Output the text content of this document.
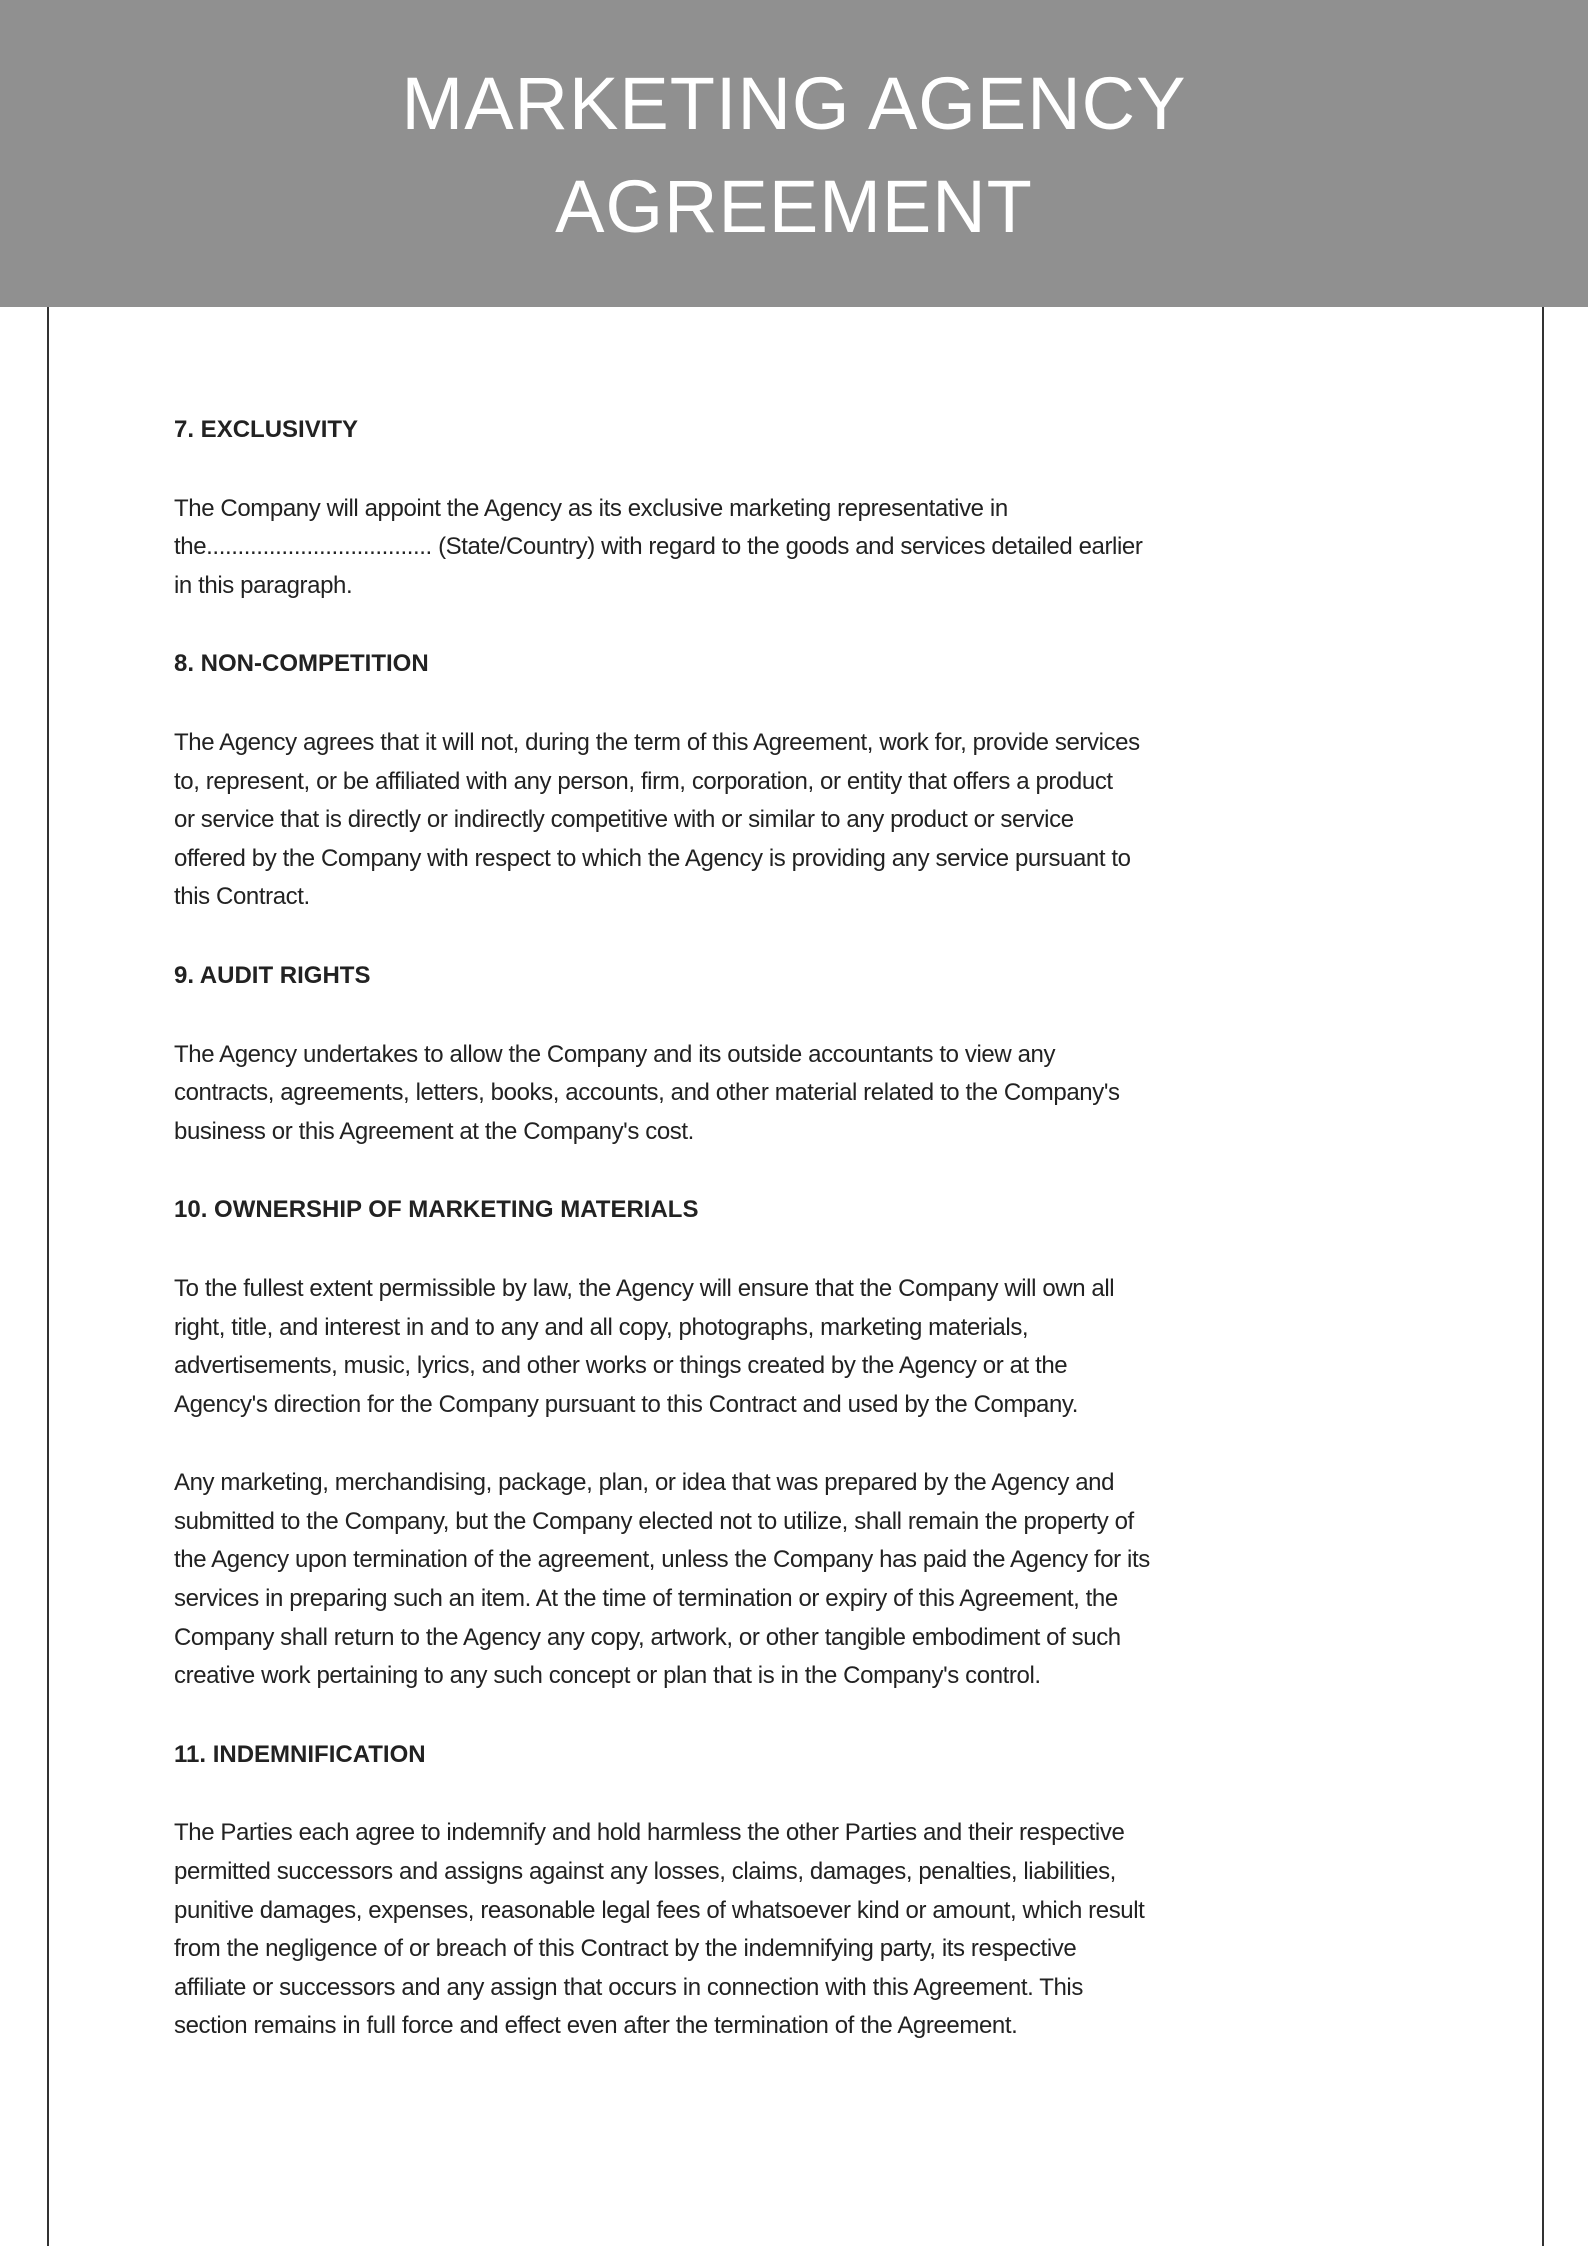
MARKETING AGENCY
AGREEMENT
7. EXCLUSIVITY
The Company will appoint the Agency as its exclusive marketing representative in
the.................................... (State/Country) with regard to the goods and services detailed earlier
in this paragraph.
8. NON-COMPETITION
The Agency agrees that it will not, during the term of this Agreement, work for, provide services
to, represent, or be affiliated with any person, firm, corporation, or entity that offers a product
or service that is directly or indirectly competitive with or similar to any product or service
offered by the Company with respect to which the Agency is providing any service pursuant to
this Contract.
9. AUDIT RIGHTS
The Agency undertakes to allow the Company and its outside accountants to view any
contracts, agreements, letters, books, accounts, and other material related to the Company's
business or this Agreement at the Company's cost.
10. OWNERSHIP OF MARKETING MATERIALS
To the fullest extent permissible by law, the Agency will ensure that the Company will own all
right, title, and interest in and to any and all copy, photographs, marketing materials,
advertisements, music, lyrics, and other works or things created by the Agency or at the
Agency's direction for the Company pursuant to this Contract and used by the Company.
Any marketing, merchandising, package, plan, or idea that was prepared by the Agency and
submitted to the Company, but the Company elected not to utilize, shall remain the property of
the Agency upon termination of the agreement, unless the Company has paid the Agency for its
services in preparing such an item. At the time of termination or expiry of this Agreement, the
Company shall return to the Agency any copy, artwork, or other tangible embodiment of such
creative work pertaining to any such concept or plan that is in the Company's control.
11. INDEMNIFICATION
The Parties each agree to indemnify and hold harmless the other Parties and their respective
permitted successors and assigns against any losses, claims, damages, penalties, liabilities,
punitive damages, expenses, reasonable legal fees of whatsoever kind or amount, which result
from the negligence of or breach of this Contract by the indemnifying party, its respective
affiliate or successors and any assign that occurs in connection with this Agreement. This
section remains in full force and effect even after the termination of the Agreement.
